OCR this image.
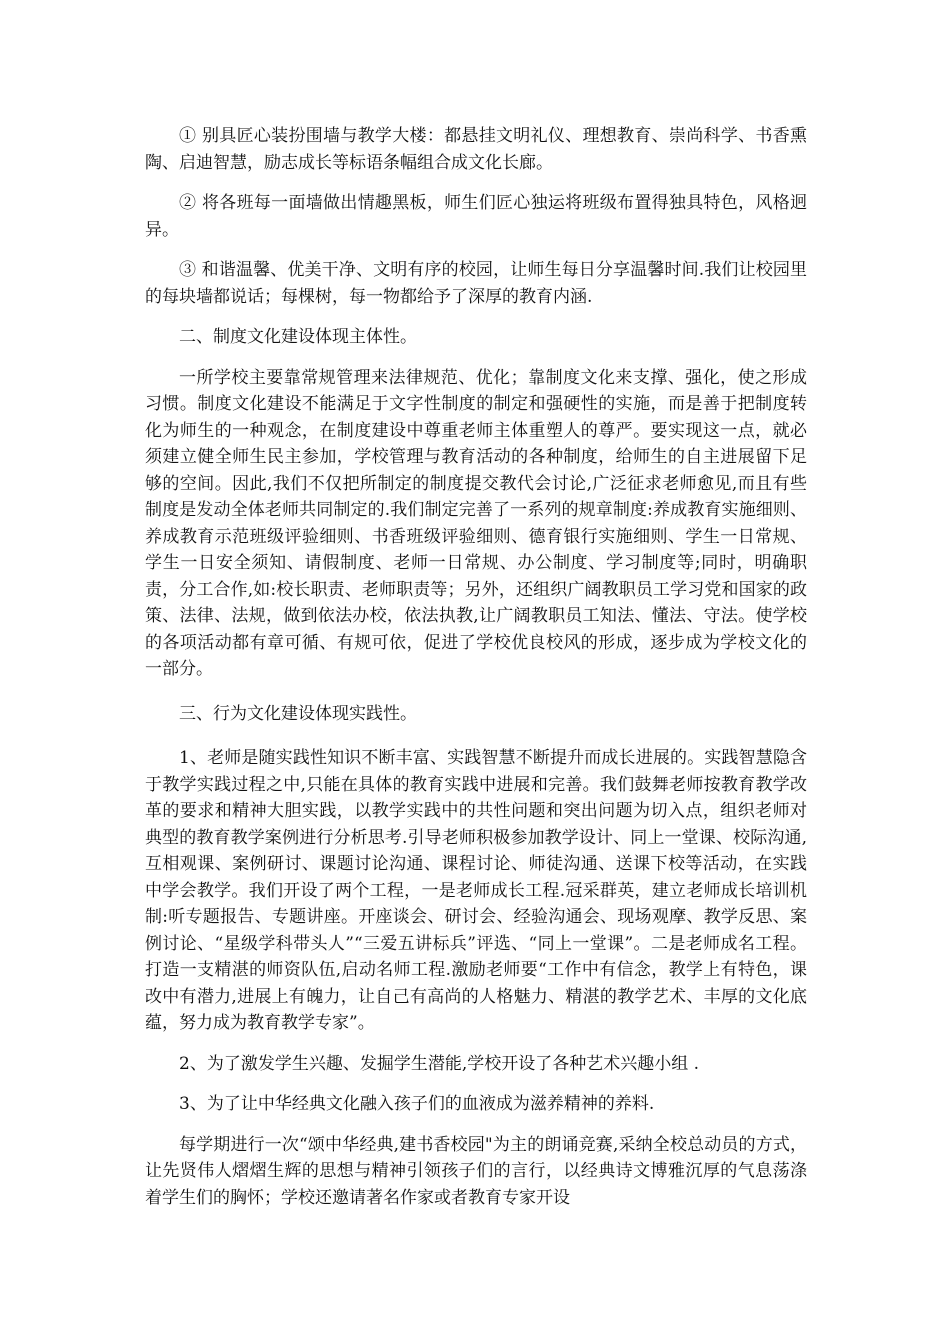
① 别具匠心装扮围墙与教学大楼：都悬挂文明礼仪、理想教育、崇尚科学、书香熏陶、启迪智慧，励志成长等标语条幅组合成文化长廊。

② 将各班每一面墙做出情趣黑板，师生们匠心独运将班级布置得独具特色，风格迥异。

③ 和谐温馨、优美干净、文明有序的校园，让师生每日分享温馨时间.我们让校园里的每块墙都说话；每棵树，每一物都给予了深厚的教育内涵.

二、制度文化建设体现主体性。

一所学校主要靠常规管理来法律规范、优化；靠制度文化来支撑、强化，使之形成习惯。制度文化建设不能满足于文字性制度的制定和强硬性的实施，而是善于把制度转化为师生的一种观念，在制度建设中尊重老师主体重塑人的尊严。要实现这一点，就必须建立健全师生民主参加，学校管理与教育活动的各种制度，给师生的自主进展留下足够的空间。因此,我们不仅把所制定的制度提交教代会讨论,广泛征求老师愈见,而且有些制度是发动全体老师共同制定的.我们制定完善了一系列的规章制度:养成教育实施细则、养成教育示范班级评验细则、书香班级评验细则、德育银行实施细则、学生一日常规、学生一日安全须知、请假制度、老师一日常规、办公制度、学习制度等;同时，明确职责，分工合作,如:校长职责、老师职责等；另外，还组织广阔教职员工学习党和国家的政策、法律、法规，做到依法办校，依法执教,让广阔教职员工知法、懂法、守法。使学校的各项活动都有章可循、有规可依，促进了学校优良校风的形成，逐步成为学校文化的一部分。

三、行为文化建设体现实践性。

1、老师是随实践性知识不断丰富、实践智慧不断提升而成长进展的。实践智慧隐含于教学实践过程之中,只能在具体的教育实践中进展和完善。我们鼓舞老师按教育教学改革的要求和精神大胆实践，以教学实践中的共性问题和突出问题为切入点，组织老师对典型的教育教学案例进行分析思考.引导老师积极参加教学设计、同上一堂课、校际沟通,互相观课、案例研讨、课题讨论沟通、课程讨论、师徒沟通、送课下校等活动，在实践中学会教学。我们开设了两个工程，一是老师成长工程.冠采群英，建立老师成长培训机制:听专题报告、专题讲座。开座谈会、研讨会、经验沟通会、现场观摩、教学反思、案例讨论、“星级学科带头人”“三爱五讲标兵”评选、“同上一堂课”。二是老师成名工程。打造一支精湛的师资队伍,启动名师工程.激励老师要“工作中有信念，教学上有特色，课改中有潜力,进展上有魄力，让自己有高尚的人格魅力、精湛的教学艺术、丰厚的文化底蕴，努力成为教育教学专家”。

2、为了激发学生兴趣、发掘学生潜能,学校开设了各种艺术兴趣小组 .

3、为了让中华经典文化融入孩子们的血液成为滋养精神的养料.

每学期进行一次“颂中华经典,建书香校园"为主的朗诵竞赛,采纳全校总动员的方式，让先贤伟人熠熠生辉的思想与精神引领孩子们的言行，以经典诗文博雅沉厚的气息荡涤着学生们的胸怀；学校还邀请著名作家或者教育专家开设
